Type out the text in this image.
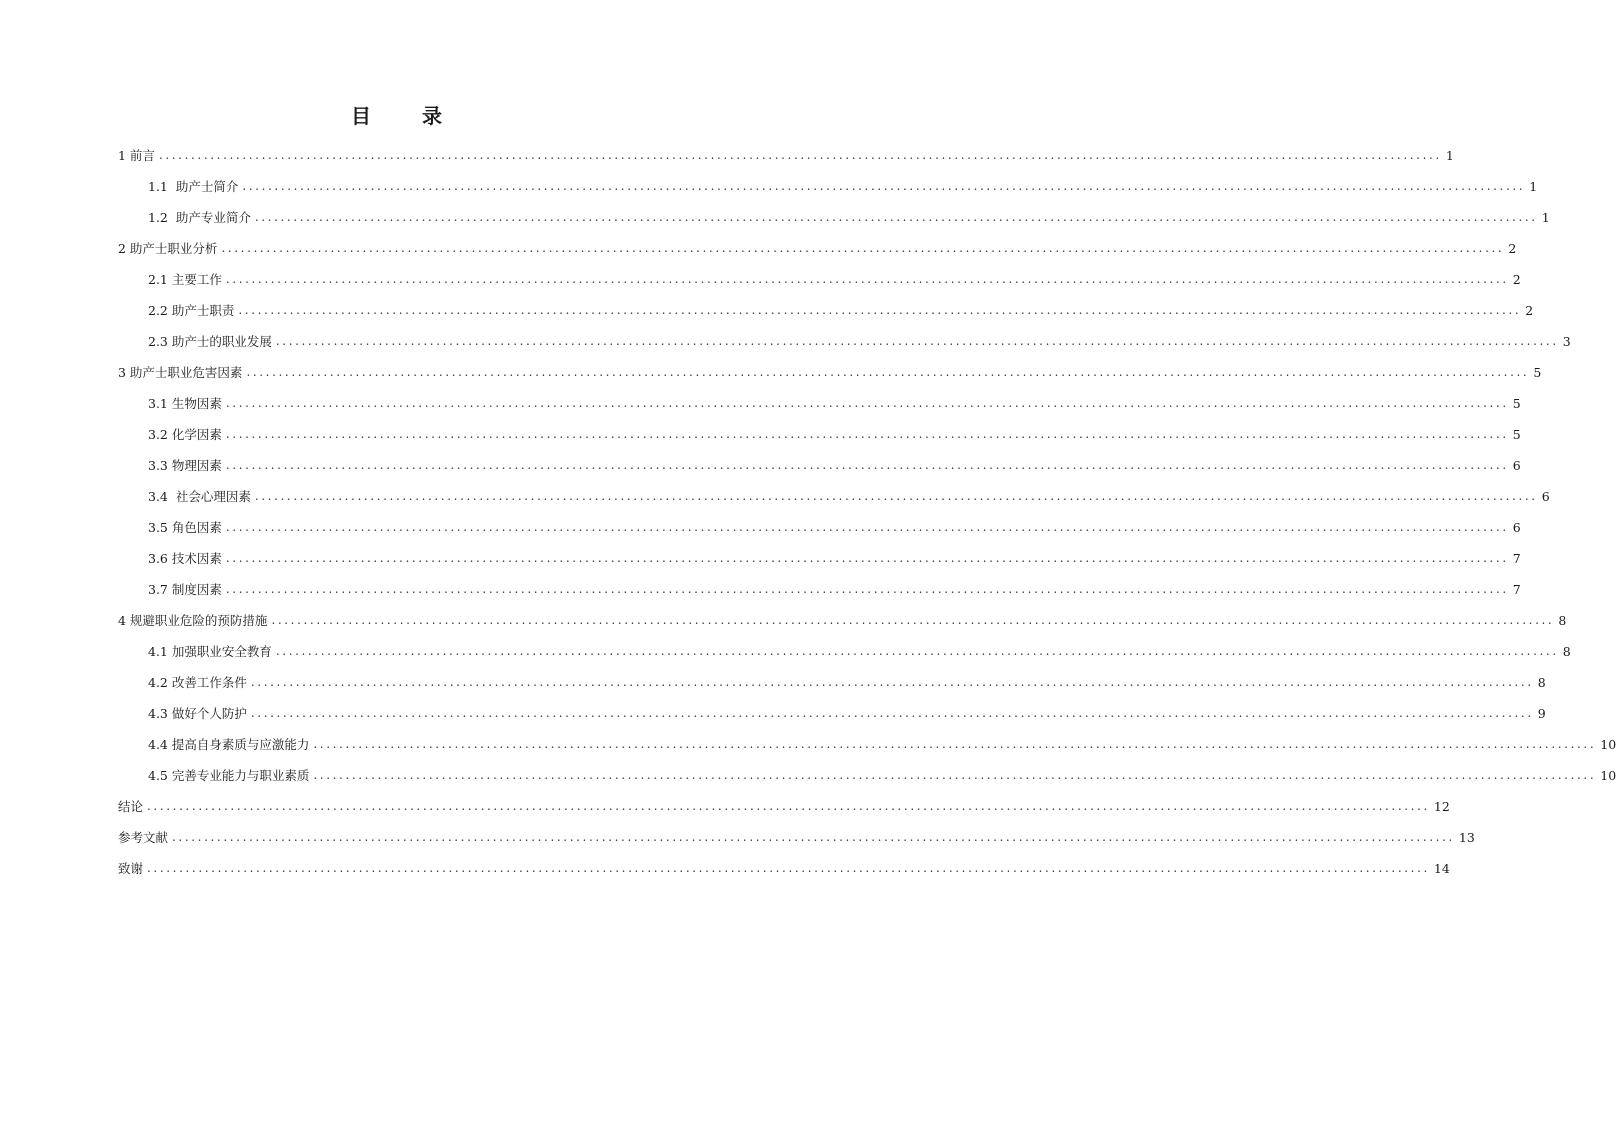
目 录
1 前言 ........................................................................................................................................................................................................ 1
1.1  助产士简介 ........................................................................................................................................................................................................ 1
1.2  助产专业简介 ........................................................................................................................................................................................................ 1
2 助产士职业分析 ........................................................................................................................................................................................................ 2
2.1 主要工作 ........................................................................................................................................................................................................ 2
2.2 助产士职责 ........................................................................................................................................................................................................ 2
2.3 助产士的职业发展 ........................................................................................................................................................................................................ 3
3 助产士职业危害因素 ........................................................................................................................................................................................................ 5
3.1 生物因素 ........................................................................................................................................................................................................ 5
3.2 化学因素 ........................................................................................................................................................................................................ 5
3.3 物理因素 ........................................................................................................................................................................................................ 6
3.4  社会心理因素 ........................................................................................................................................................................................................ 6
3.5 角色因素 ........................................................................................................................................................................................................ 6
3.6 技术因素 ........................................................................................................................................................................................................ 7
3.7 制度因素 ........................................................................................................................................................................................................ 7
4 规避职业危险的预防措施 ........................................................................................................................................................................................................ 8
4.1 加强职业安全教育 ........................................................................................................................................................................................................ 8
4.2 改善工作条件 ........................................................................................................................................................................................................ 8
4.3 做好个人防护 ........................................................................................................................................................................................................ 9
4.4 提高自身素质与应激能力 ........................................................................................................................................................................................................ 10
4.5 完善专业能力与职业素质 ........................................................................................................................................................................................................ 10
结论 ........................................................................................................................................................................................................ 12
参考文献 ........................................................................................................................................................................................................ 13
致谢 ........................................................................................................................................................................................................ 14
